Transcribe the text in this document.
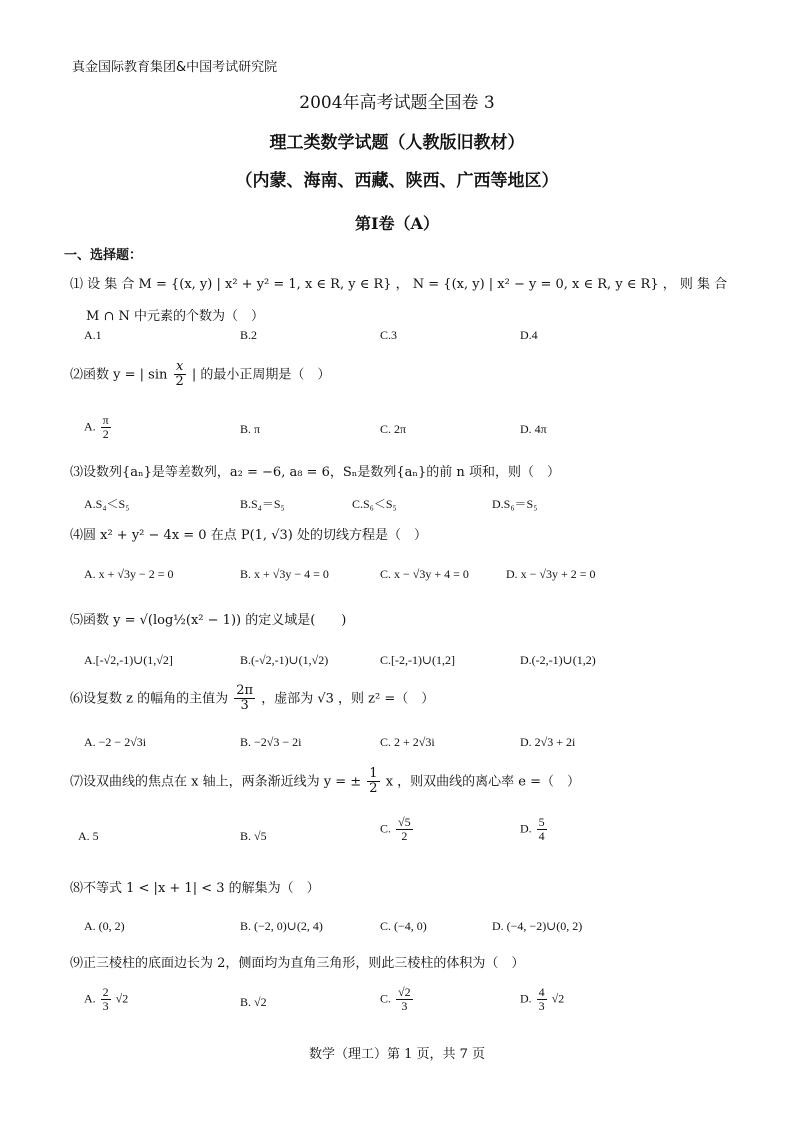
真金国际教育集团&中国考试研究院
2004年高考试题全国卷 3
理工类数学试题（人教版旧教材）
（内蒙、海南、西藏、陕西、广西等地区）
第Ⅰ卷（A）
一、选择题：
⑴ 设 集 合 M = {(x, y) | x² + y² = 1, x ∈ R, y ∈ R} ， N = {(x, y) | x² − y = 0, x ∈ R, y ∈ R} ， 则 集 合
M ∩ N 中元素的个数为（　）
A.1	B.2	C.3	D.4
⑵函数 y = | $\sin \frac{x}{2}$ | 的最小正周期是（　）
A. $\frac{\pi}{2}$	B. π	C. 2π	D. 4π
⑶设数列{aₙ}是等差数列，a₂ = −6, a₈ = 6，Sₙ是数列{aₙ}的前 n 项和，则（　）
A.S₄＜S₅	B.S₄＝S₅	C.S₆＜S₅	D.S₆＝S₅
⑷圆 x² + y² − 4x = 0 在点 P(1, √3) 处的切线方程是（　）
A. x + √3y − 2 = 0	B. x + √3y − 4 = 0	C. x − √3y + 4 = 0	D. x − √3y + 2 = 0
⑸函数 y = √(log½(x² − 1)) 的定义域是(　　)
A.[-√2,-1)∪(1,√2]	B.(-√2,-1)∪(1,√2)	C.[-2,-1)∪(1,2]	D.(-2,-1)∪(1,2)
⑹设复数 z 的幅角的主值为 $\frac{2\pi}{3}$ ，虚部为 √3 ，则 z² =（　）
A. −2 − 2√3i	B. −2√3 − 2i	C. 2 + 2√3i	D. 2√3 + 2i
⑺设双曲线的焦点在 x 轴上，两条渐近线为 y = ± $\frac{1}{2}$ x ，则双曲线的离心率 e =（　）
A. 5	B. √5
C. $\frac{√5}{2}$	D. $\frac{5}{4}$
⑻不等式 1 < |x + 1| < 3 的解集为（　）
A. (0, 2)	B. (−2, 0)∪(2, 4)	C. (−4, 0)	D. (−4, −2)∪(0, 2)
⑼正三棱柱的底面边长为 2，侧面均为直角三角形，则此三棱柱的体积为（　）
A. $\frac{2}{3} √2$	B. √2	C. $\frac{√2}{3}$	D. $\frac{4}{3} √2$
数学（理工）第 1 页，共 7 页
